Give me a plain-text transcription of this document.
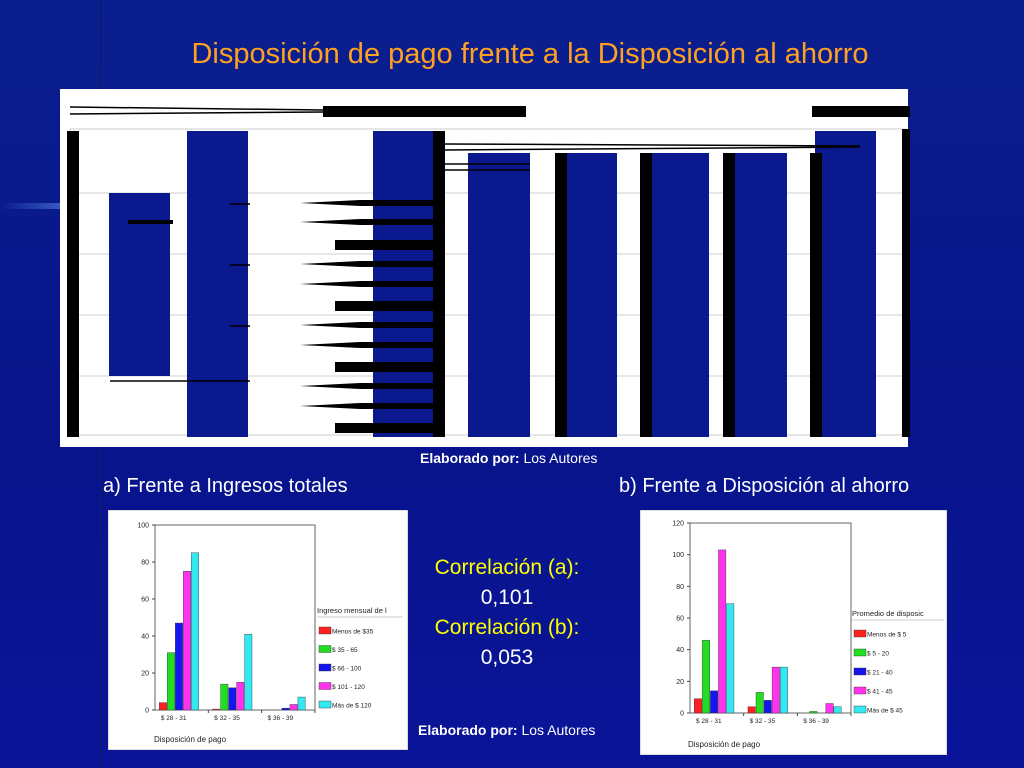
Disposición de pago frente a la Disposición al ahorro
Elaborado por: Los Autores
a) Frente a Ingresos totales	b) Frente a Disposición al ahorro
Correlación (a):
0,101
Correlación (b):
0,053
Elaborado por: Los Autores
0
20
40
60
80
100
$ 28 - 31	$ 32 - 35	$ 36 - 39
Disposición de pago
Ingreso mensual de l
Menos de $35
$ 35 - 65
$ 66 - 100
$ 101 - 120
Más de $ 120
0
20
40
60
80
100
120
$ 28 - 31	$ 32 - 35	$ 36 - 39
Disposición de pago
Promedio de disposic
Menos de $ 5
$ 5 - 20
$ 21 - 40
$ 41 - 45
Más de $ 45
